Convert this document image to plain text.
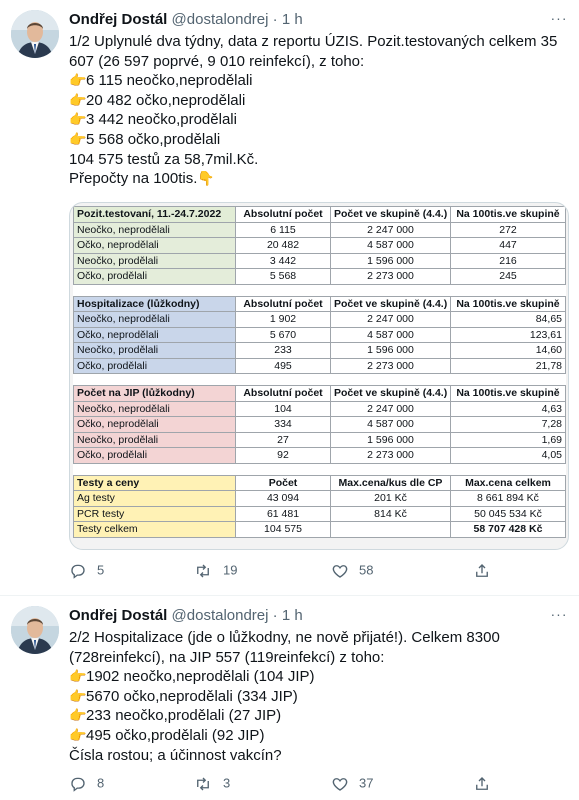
Ondřej Dostál @dostalondrej · 1 h	···
1/2 Uplynulé dva týdny, data z reportu ÚZIS. Pozit.testovaných celkem 35
607 (26 597 poprvé, 9 010 reinfekcí), z toho:
👉6 115 neočko,neprodělali
👉20 482 očko,neprodělali
👉3 442 neočko,prodělali
👉5 568 očko,prodělali
104 575 testů za 58,7mil.Kč.
Přepočty na 100tis.👇
Pozit.testovaní, 11.-24.7.2022	Absolutní počet	Počet ve skupině (4.4.)	Na 100tis.ve skupině
Neočko, neprodělali	6 115	2 247 000	272
Očko, neprodělali	20 482	4 587 000	447
Neočko, prodělali	3 442	1 596 000	216
Očko, prodělali	5 568	2 273 000	245

Hospitalizace (lůžkodny)	Absolutní počet	Počet ve skupině (4.4.)	Na 100tis.ve skupině
Neočko, neprodělali	1 902	2 247 000	84,65
Očko, neprodělali	5 670	4 587 000	123,61
Neočko, prodělali	233	1 596 000	14,60
Očko, prodělali	495	2 273 000	21,78

Počet na JIP (lůžkodny)	Absolutní počet	Počet ve skupině (4.4.)	Na 100tis.ve skupině
Neočko, neprodělali	104	2 247 000	4,63
Očko, neprodělali	334	4 587 000	7,28
Neočko, prodělali	27	1 596 000	1,69
Očko, prodělali	92	2 273 000	4,05

Testy a ceny	Počet	Max.cena/kus dle CP	Max.cena celkem
Ag testy	43 094	201 Kč	8 661 894 Kč
PCR testy	61 481	814 Kč	50 045 534 Kč
Testy celkem	104 575		58 707 428 Kč
5	19	58
Ondřej Dostál @dostalondrej · 1 h	···
2/2 Hospitalizace (jde o lůžkodny, ne nově přijaté!). Celkem 8300
(728reinfekcí), na JIP 557 (119reinfekcí) z toho:
👉1902 neočko,neprodělali (104 JIP)
👉5670 očko,neprodělali (334 JIP)
👉233 neočko,prodělali (27 JIP)
👉495 očko,prodělali (92 JIP)
Čísla rostou; a účinnost vakcín?
8	3	37
